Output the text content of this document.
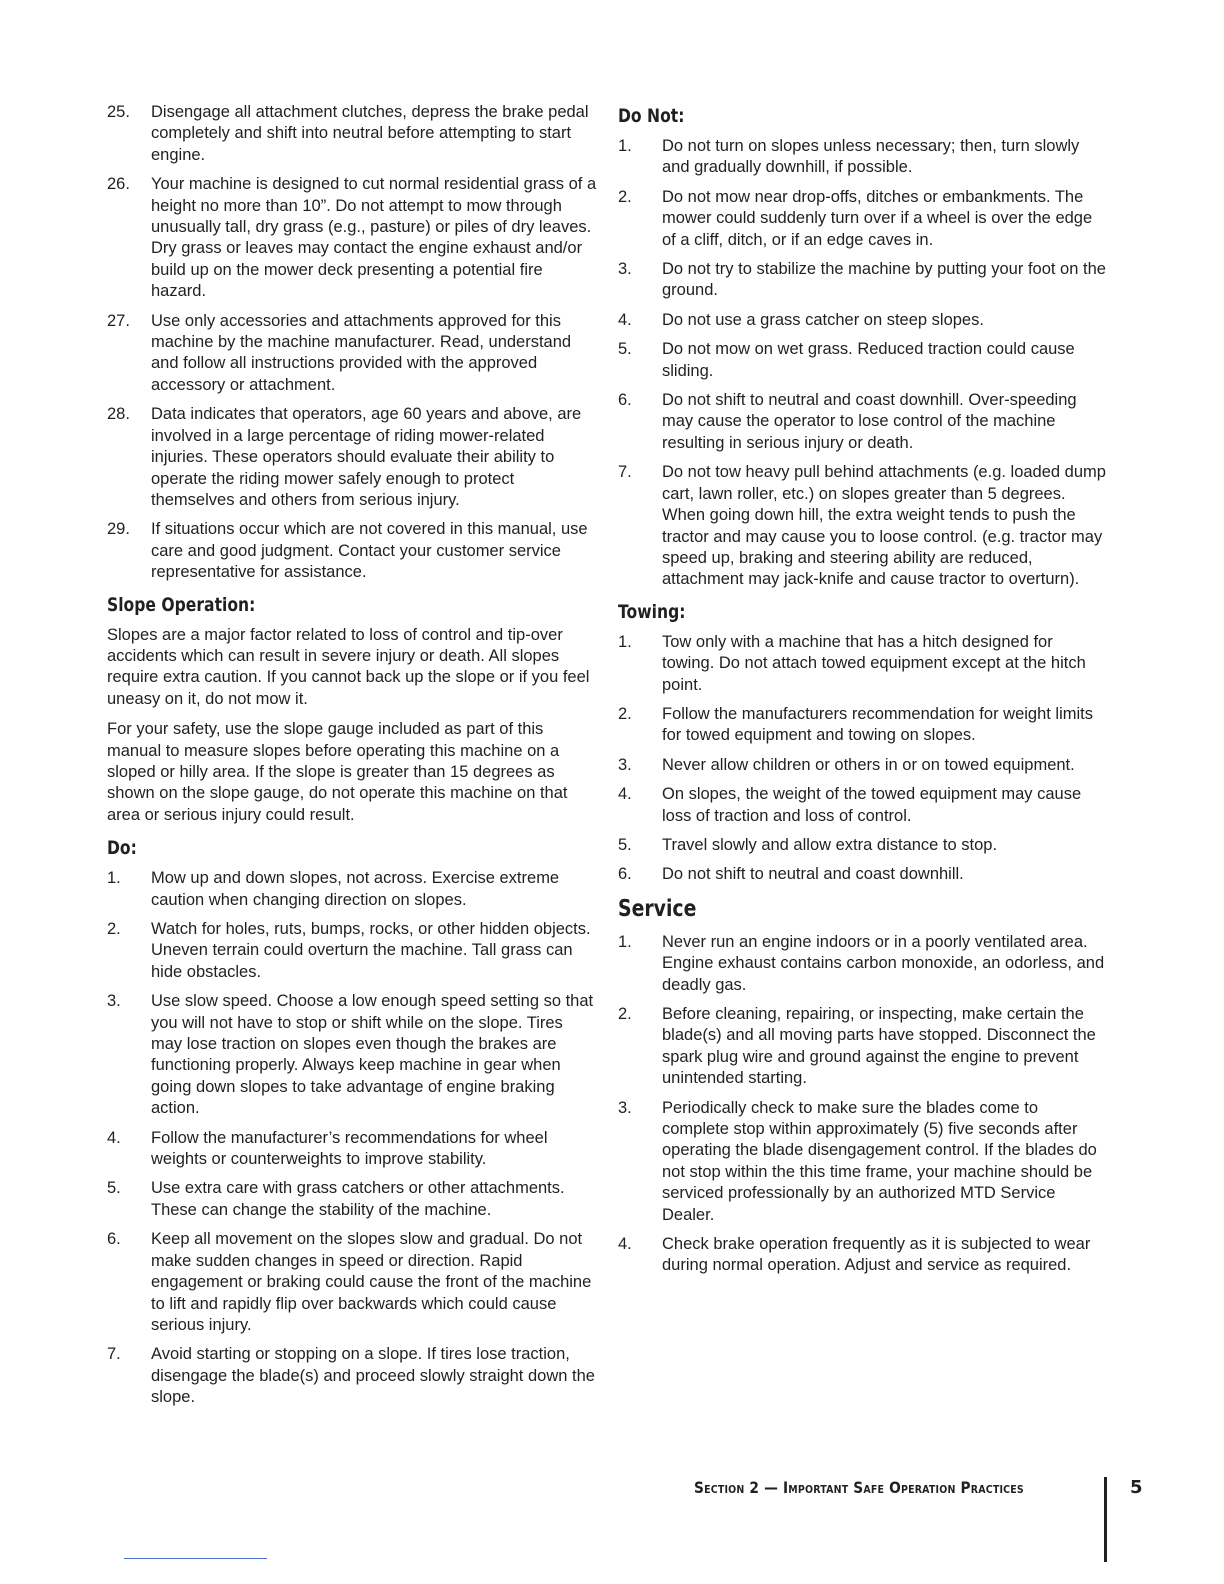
25.	Disengage all attachment clutches, depress the brake pedal completely and shift into neutral before attempting to start engine.
26.	Your machine is designed to cut normal residential grass of a height no more than 10”. Do not attempt to mow through unusually tall, dry grass (e.g., pasture) or piles of dry leaves. Dry grass or leaves may contact the engine exhaust and/or build up on the mower deck presenting a potential fire hazard.
27.	Use only accessories and attachments approved for this machine by the machine manufacturer. Read, understand and follow all instructions provided with the approved accessory or attachment.
28.	Data indicates that operators, age 60 years and above, are involved in a large percentage of riding mower-related injuries. These operators should evaluate their ability to operate the riding mower safely enough to protect themselves and others from serious injury.
29.	If situations occur which are not covered in this manual, use care and good judgment. Contact your customer service representative for assistance.
Slope Operation:

Slopes are a major factor related to loss of control and tip-over accidents which can result in severe injury or death. All slopes require extra caution. If you cannot back up the slope or if you feel uneasy on it, do not mow it.

For your safety, use the slope gauge included as part of this manual to measure slopes before operating this machine on a sloped or hilly area. If the slope is greater than 15 degrees as shown on the slope gauge, do not operate this machine on that area or serious injury could result.

Do:
1.	Mow up and down slopes, not across. Exercise extreme caution when changing direction on slopes.
2.	Watch for holes, ruts, bumps, rocks, or other hidden objects. Uneven terrain could overturn the machine. Tall grass can hide obstacles.
3.	Use slow speed. Choose a low enough speed setting so that you will not have to stop or shift while on the slope. Tires may lose traction on slopes even though the brakes are functioning properly. Always keep machine in gear when going down slopes to take advantage of engine braking action.
4.	Follow the manufacturer’s recommendations for wheel weights or counterweights to improve stability.
5.	Use extra care with grass catchers or other attachments. These can change the stability of the machine.
6.	Keep all movement on the slopes slow and gradual. Do not make sudden changes in speed or direction. Rapid engagement or braking could cause the front of the machine to lift and rapidly flip over backwards which could cause serious injury.
7.	Avoid starting or stopping on a slope. If tires lose traction, disengage the blade(s) and proceed slowly straight down the slope.
Do Not:
1.	Do not turn on slopes unless necessary; then, turn slowly and gradually downhill, if possible.
2.	Do not mow near drop-offs, ditches or embankments. The mower could suddenly turn over if a wheel is over the edge of a cliff, ditch, or if an edge caves in.
3.	Do not try to stabilize the machine by putting your foot on the ground.
4.	Do not use a grass catcher on steep slopes.
5.	Do not mow on wet grass. Reduced traction could cause sliding.
6.	Do not shift to neutral and coast downhill. Over-speeding may cause the operator to lose control of the machine resulting in serious injury or death.
7.	Do not tow heavy pull behind attachments (e.g. loaded dump cart, lawn roller, etc.) on slopes greater than 5 degrees. When going down hill, the extra weight tends to push the tractor and may cause you to loose control. (e.g. tractor may speed up, braking and steering ability are reduced, attachment may jack-knife and cause tractor to overturn).
Towing:
1.	Tow only with a machine that has a hitch designed for towing. Do not attach towed equipment except at the hitch point.
2.	Follow the manufacturers recommendation for weight limits for towed equipment and towing on slopes.
3.	Never allow children or others in or on towed equipment.
4.	On slopes, the weight of the towed equipment may cause loss of traction and loss of control.
5.	Travel slowly and allow extra distance to stop.
6.	Do not shift to neutral and coast downhill.
Service
1.	Never run an engine indoors or in a poorly ventilated area. Engine exhaust contains carbon monoxide, an odorless, and deadly gas.
2.	Before cleaning, repairing, or inspecting, make certain the blade(s) and all moving parts have stopped. Disconnect the spark plug wire and ground against the engine to prevent unintended starting.
3.	Periodically check to make sure the blades come to complete stop within approximately (5) five seconds after operating the blade disengagement control. If the blades do not stop within the this time frame, your machine should be serviced professionally by an authorized MTD Service Dealer.
4.	Check brake operation frequently as it is subjected to wear during normal operation. Adjust and service as required.
Section 2 — Important Safe Operation Practices	5
